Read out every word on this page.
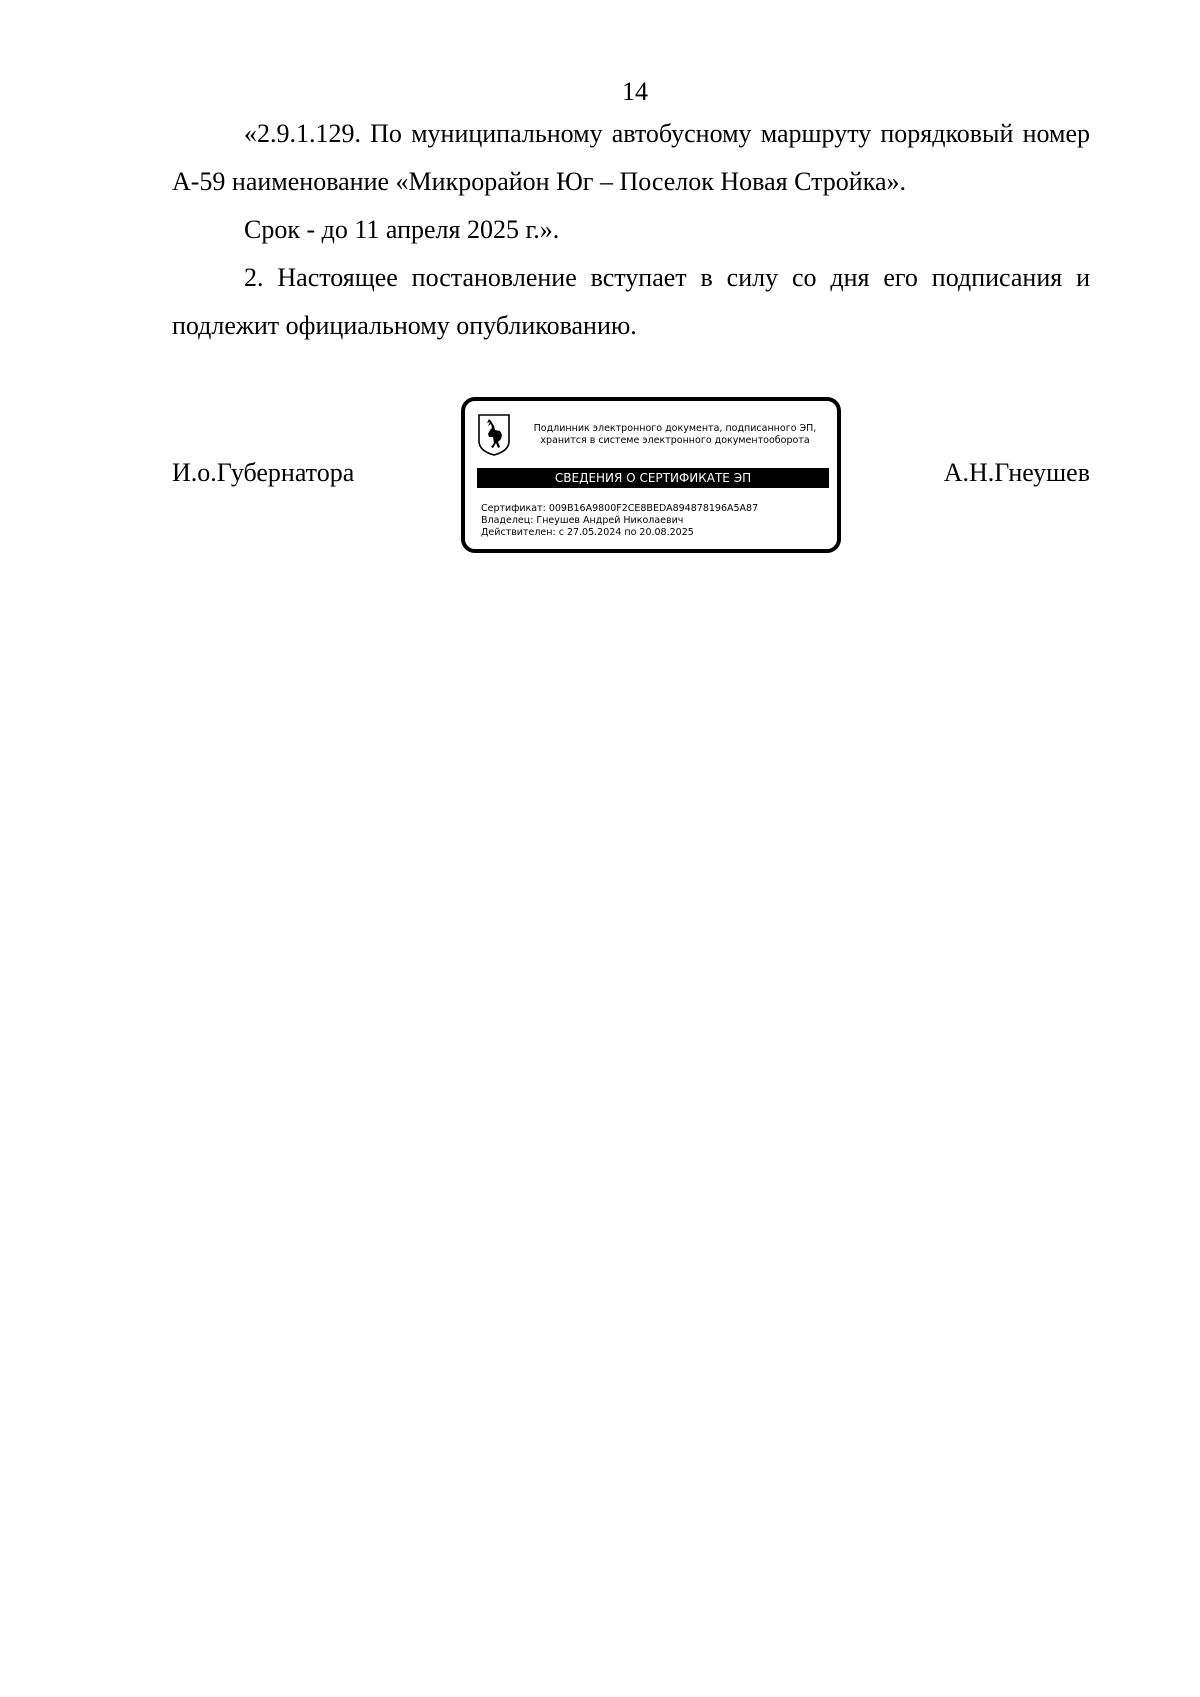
14

«2.9.1.129. По муниципальному автобусному маршруту порядковый номер А-59 наименование «Микрорайон Юг – Поселок Новая Стройка».

Срок - до 11 апреля 2025 г.».

2. Настоящее постановление вступает в силу со дня его подписания и подлежит официальному опубликованию.

И.о.Губернатора	А.Н.Гнеушев
Подлинник электронного документа, подписанного ЭП,
хранится в системе электронного документооборота
СВЕДЕНИЯ О СЕРТИФИКАТЕ ЭП
Сертификат: 009B16A9800F2CE8BEDA894878196A5A87
Владелец: Гнеушев Андрей Николаевич
Действителен: с 27.05.2024 по 20.08.2025
